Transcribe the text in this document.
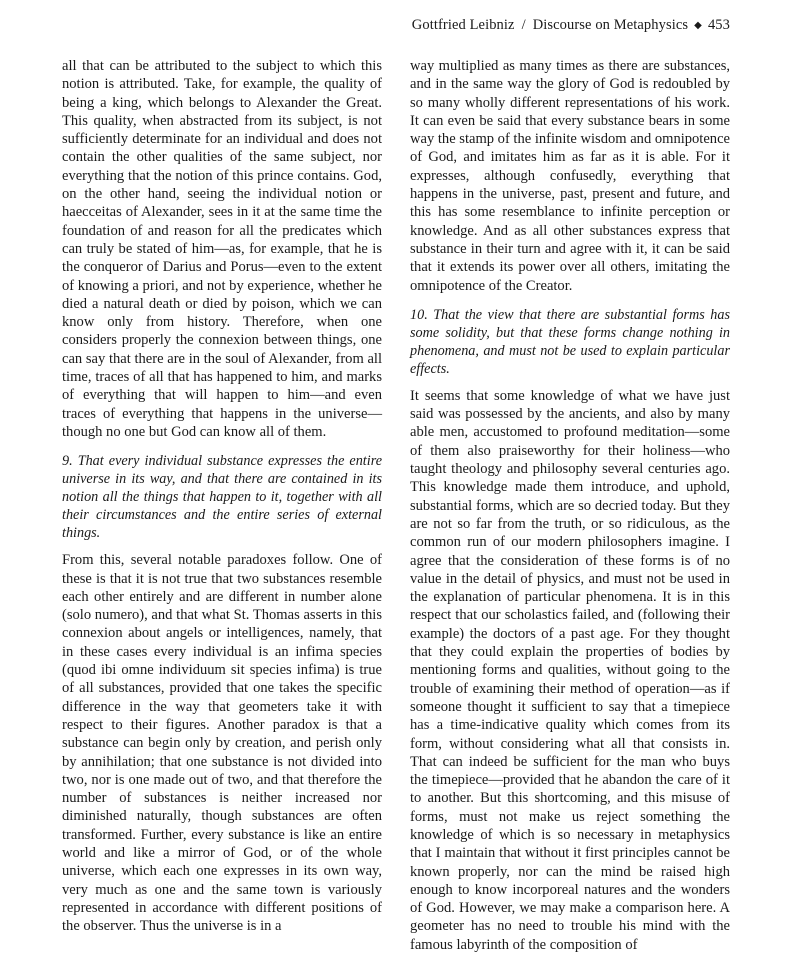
Gottfried Leibniz / Discourse on Metaphysics ◆ 453

all that can be attributed to the subject to which this notion is attributed. Take, for example, the quality of being a king, which belongs to Alexander the Great. This quality, when abstracted from its subject, is not sufficiently determinate for an individual and does not contain the other qualities of the same subject, nor everything that the notion of this prince contains. God, on the other hand, seeing the individual notion or haecceitas of Alexander, sees in it at the same time the foundation of and reason for all the predicates which can truly be stated of him—as, for example, that he is the conqueror of Darius and Porus—even to the extent of knowing a priori, and not by experience, whether he died a natural death or died by poison, which we can know only from history. Therefore, when one considers properly the connexion between things, one can say that there are in the soul of Alexander, from all time, traces of all that has happened to him, and marks of everything that will happen to him—and even traces of everything that happens in the universe—though no one but God can know all of them.

9. That every individual substance expresses the entire universe in its way, and that there are contained in its notion all the things that happen to it, together with all their circumstances and the entire series of external things.

From this, several notable paradoxes follow. One of these is that it is not true that two substances resemble each other entirely and are different in number alone (solo numero), and that what St. Thomas asserts in this connexion about angels or intelligences, namely, that in these cases every individual is an infima species (quod ibi omne individuum sit species infima) is true of all substances, provided that one takes the specific difference in the way that geometers take it with respect to their figures. Another paradox is that a substance can begin only by creation, and perish only by annihilation; that one substance is not divided into two, nor is one made out of two, and that therefore the number of substances is neither increased nor diminished naturally, though substances are often transformed. Further, every substance is like an entire world and like a mirror of God, or of the whole universe, which each one expresses in its own way, very much as one and the same town is variously represented in accordance with different positions of the observer. Thus the universe is in a

way multiplied as many times as there are substances, and in the same way the glory of God is redoubled by so many wholly different representations of his work. It can even be said that every substance bears in some way the stamp of the infinite wisdom and omnipotence of God, and imitates him as far as it is able. For it expresses, although confusedly, everything that happens in the universe, past, present and future, and this has some resemblance to infinite perception or knowledge. And as all other substances express that substance in their turn and agree with it, it can be said that it extends its power over all others, imitating the omnipotence of the Creator.

10. That the view that there are substantial forms has some solidity, but that these forms change nothing in phenomena, and must not be used to explain particular effects.

It seems that some knowledge of what we have just said was possessed by the ancients, and also by many able men, accustomed to profound meditation—some of them also praiseworthy for their holiness—who taught theology and philosophy several centuries ago. This knowledge made them introduce, and uphold, substantial forms, which are so decried today. But they are not so far from the truth, or so ridiculous, as the common run of our modern philosophers imagine. I agree that the consideration of these forms is of no value in the detail of physics, and must not be used in the explanation of particular phenomena. It is in this respect that our scholastics failed, and (following their example) the doctors of a past age. For they thought that they could explain the properties of bodies by mentioning forms and qualities, without going to the trouble of examining their method of operation—as if someone thought it sufficient to say that a timepiece has a time-indicative quality which comes from its form, without considering what all that consists in. That can indeed be sufficient for the man who buys the timepiece—provided that he abandon the care of it to another. But this shortcoming, and this misuse of forms, must not make us reject something the knowledge of which is so necessary in metaphysics that I maintain that without it first principles cannot be known properly, nor can the mind be raised high enough to know incorporeal natures and the wonders of God. However, we may make a comparison here. A geometer has no need to trouble his mind with the famous labyrinth of the composition of
